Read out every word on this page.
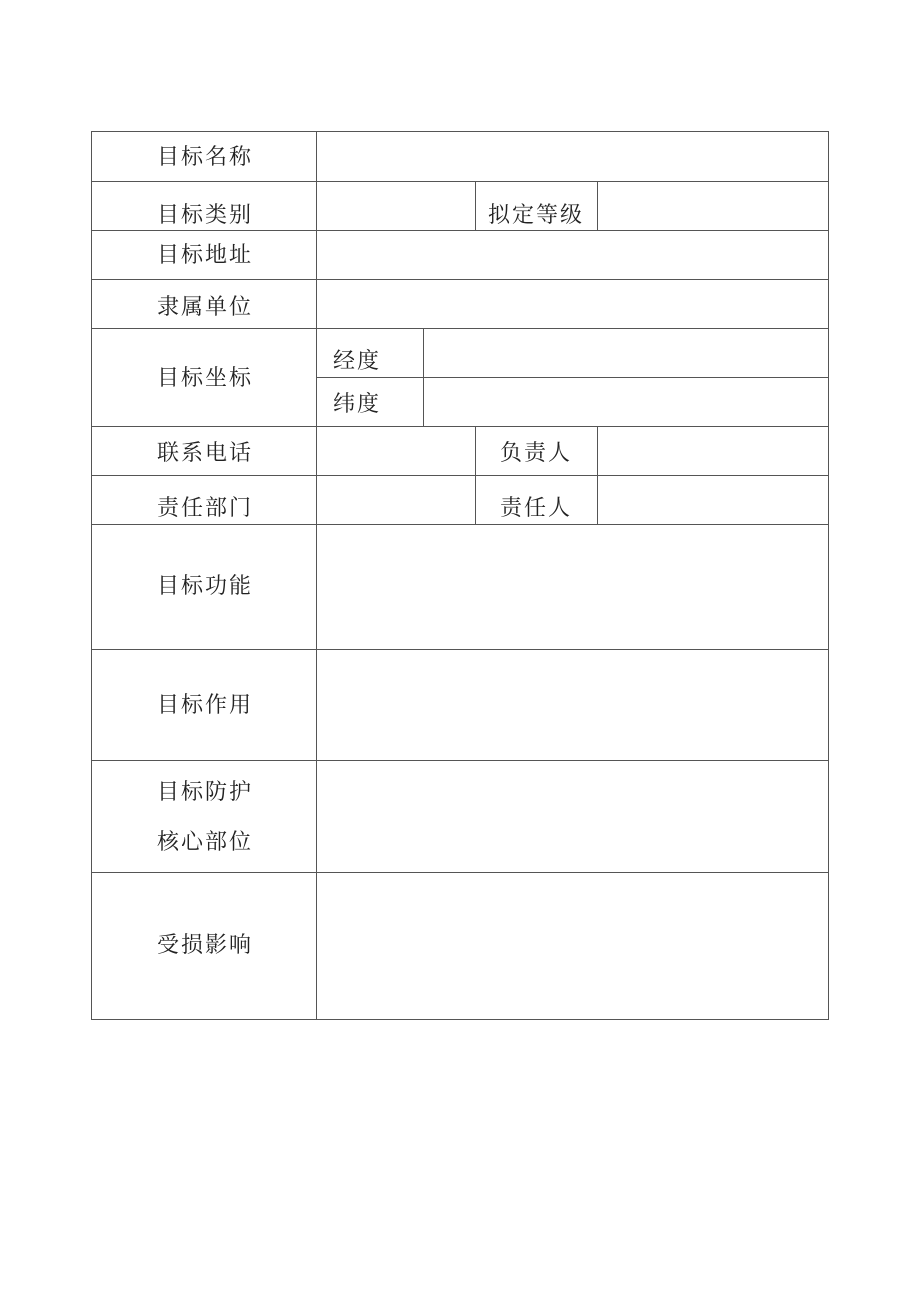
目标名称
目标类别	拟定等级
目标地址
隶属单位
目标坐标
经度
纬度
联系电话	负责人
责任部门	责任人
目标功能
目标作用
目标防护
核心部位
受损影响
